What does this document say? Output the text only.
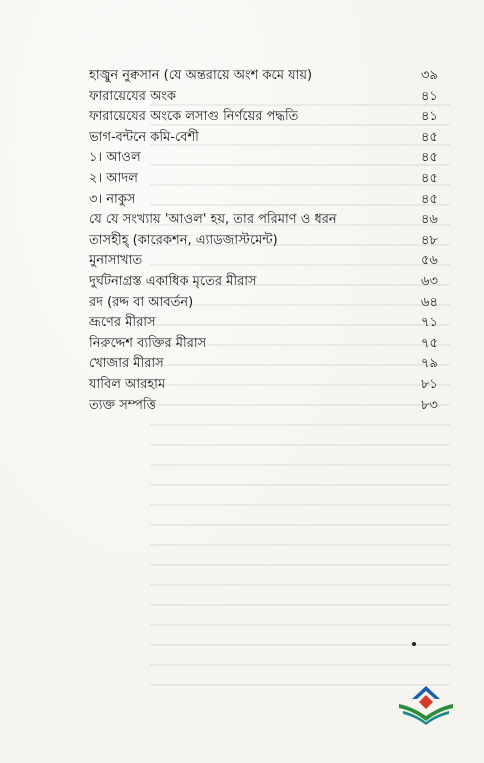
হাজ্বুন নুক্বসান (যে অন্তরায়ে অংশ কমে যায়)	৩৯
ফারায়েযের অংক	৪১
ফারায়েযের অংকে লসাগু নির্ণয়ের পদ্ধতি	৪১
ভাগ-বন্টনে কমি-বেশী	৪৫
১। আওল	৪৫
২। আদল	৪৫
৩। নাকুস	৪৫
যে যে সংখ্যায় 'আওল' হয়, তার পরিমাণ ও ধরন	৪৬
তাসহীহ্ (কারেকশন, এ্যাডজাস্টমেন্ট)	৪৮
মুনাসাখাত	৫৬
দুর্ঘটনাগ্রস্ত একাধিক মৃতের মীরাস	৬৩
রদ (রদ্দ বা আবর্তন)	৬৪
ভ্রূণের মীরাস	৭১
নিরুদ্দেশ ব্যক্তির মীরাস	৭৫
খোজার মীরাস	৭৯
যাবিল আরহাম	৮১
ত্যক্ত সম্পত্তি	৮৩
